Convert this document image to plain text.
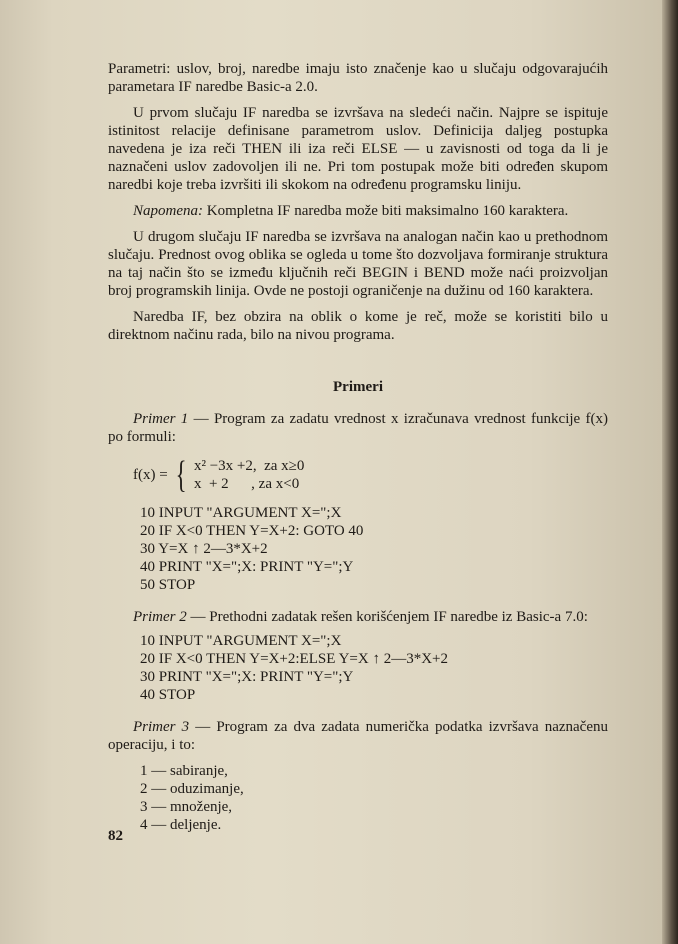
Parametri: uslov, broj, naredbe imaju isto značenje kao u slučaju odgovarajućih parametara IF naredbe Basic-a 2.0.

U prvom slučaju IF naredba se izvršava na sledeći način. Najpre se ispituje istinitost relacije definisane parametrom uslov. Definicija daljeg postupka navedena je iza reči THEN ili iza reči ELSE — u zavisnosti od toga da li je naznačeni uslov zadovoljen ili ne. Pri tom postupak može biti određen skupom naredbi koje treba izvršiti ili skokom na određenu programsku liniju.

Napomena: Kompletna IF naredba može biti maksimalno 160 karaktera.

U drugom slučaju IF naredba se izvršava na analogan način kao u prethodnom slučaju. Prednost ovog oblika se ogleda u tome što dozvoljava formiranje struktura na taj način što se između ključnih reči BEGIN i BEND može naći proizvoljan broj programskih linija. Ovde ne postoji ograničenje na dužinu od 160 karaktera.

Naredba IF, bez obzira na oblik o kome je reč, može se koristiti bilo u direktnom načinu rada, bilo na nivou programa.

Primeri

Primer 1 — Program za zadatu vrednost x izračunava vrednost funkcije f(x) po formuli:

f(x) = { x² −3x +2,  za x≥0
x  + 2      , za x<0
10 INPUT "ARGUMENT X=";X
20 IF X<0 THEN Y=X+2: GOTO 40
30 Y=X ↑ 2—3*X+2
40 PRINT "X=";X: PRINT "Y=";Y
50 STOP

Primer 2 — Prethodni zadatak rešen korišćenjem IF naredbe iz Basic-a 7.0:

10 INPUT "ARGUMENT X=";X
20 IF X<0 THEN Y=X+2:ELSE Y=X ↑ 2—3*X+2
30 PRINT "X=";X: PRINT "Y=";Y
40 STOP

Primer 3 — Program za dva zadata numerička podatka izvršava naznačenu operaciju, i to:

1 — sabiranje,
2 — oduzimanje,
3 — množenje,
4 — deljenje.
82
